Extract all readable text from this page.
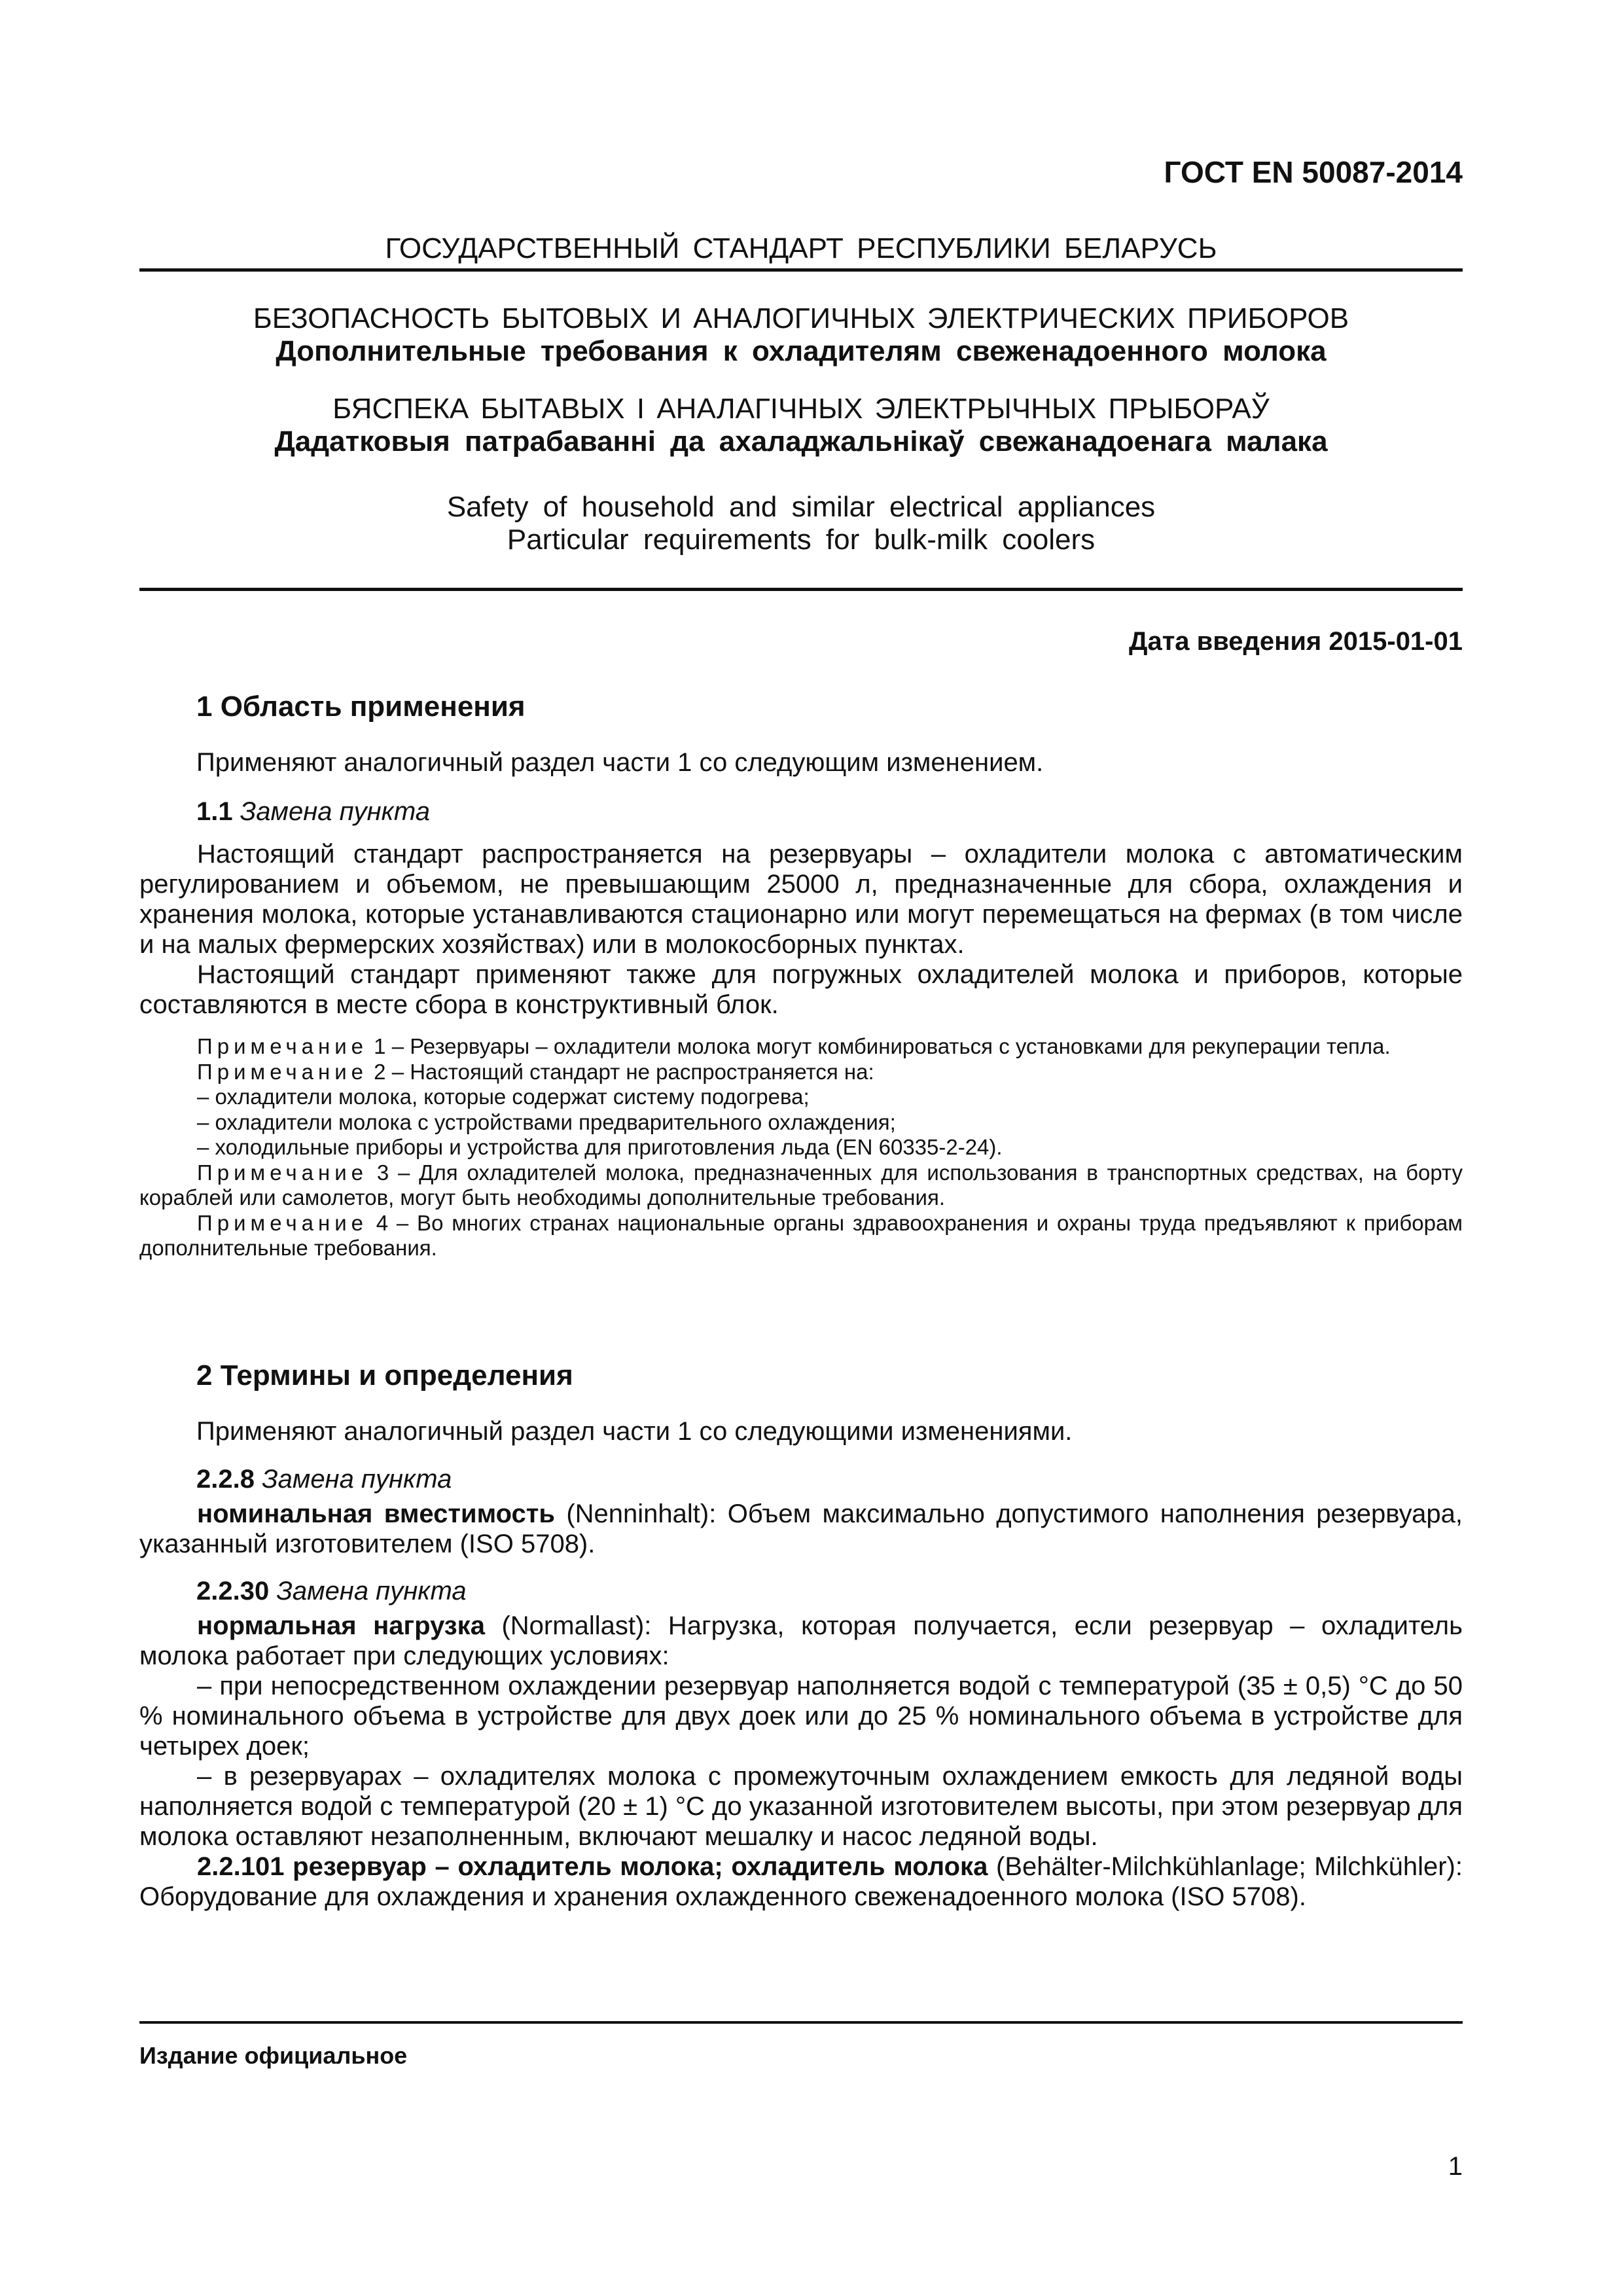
ГОСТ EN 50087-2014
ГОСУДАРСТВЕННЫЙ СТАНДАРТ РЕСПУБЛИКИ БЕЛАРУСЬ
БЕЗОПАСНОСТЬ БЫТОВЫХ И АНАЛОГИЧНЫХ ЭЛЕКТРИЧЕСКИХ ПРИБОРОВ
Дополнительные требования к охладителям свеженадоенного молока
БЯСПЕКА БЫТАВЫХ І АНАЛАГІЧНЫХ ЭЛЕКТРЫЧНЫХ ПРЫБОРАЎ
Дадатковыя патрабаванні да ахаладжальнікаў свежанадоенага малака
Safety of household and similar electrical appliances
Particular requirements for bulk-milk coolers
Дата введения 2015-01-01
1 Область применения
Применяют аналогичный раздел части 1 со следующим изменением.
1.1 Замена пункта

Настоящий стандарт распространяется на резервуары – охладители молока с автоматическим регулированием и объемом, не превышающим 25000 л, предназначенные для сбора, охлаждения и хранения молока, которые устанавливаются стационарно или могут перемещаться на фермах (в том числе и на малых фермерских хозяйствах) или в молокосборных пунктах.

Настоящий стандарт применяют также для погружных охладителей молока и приборов, которые составляются в месте сбора в конструктивный блок.

Примечание 1 – Резервуары – охладители молока могут комбинироваться с установками для рекуперации тепла.

Примечание 2 – Настоящий стандарт не распространяется на:

– охладители молока, которые содержат систему подогрева;

– охладители молока с устройствами предварительного охлаждения;

– холодильные приборы и устройства для приготовления льда (EN 60335-2-24).

Примечание 3 – Для охладителей молока, предназначенных для использования в транспортных средствах, на борту кораблей или самолетов, могут быть необходимы дополнительные требования.

Примечание 4 – Во многих странах национальные органы здравоохранения и охраны труда предъявляют к приборам дополнительные требования.

2 Термины и определения
Применяют аналогичный раздел части 1 со следующими изменениями.
2.2.8 Замена пункта

номинальная вместимость (Nenninhalt): Объем максимально допустимого наполнения резервуара, указанный изготовителем (ISO 5708).

2.2.30 Замена пункта

нормальная нагрузка (Normallast): Нагрузка, которая получается, если резервуар – охладитель молока работает при следующих условиях:

– при непосредственном охлаждении резервуар наполняется водой с температурой (35 ± 0,5) °С до 50 % номинального объема в устройстве для двух доек или до 25 % номинального объема в устройстве для четырех доек;

– в резервуарах – охладителях молока с промежуточным охлаждением емкость для ледяной воды наполняется водой с температурой (20 ± 1) °С до указанной изготовителем высоты, при этом резервуар для молока оставляют незаполненным, включают мешалку и насос ледяной воды.

2.2.101 резервуар – охладитель молока; охладитель молока (Behälter-Milchkühlanlage; Milchkühler): Оборудование для охлаждения и хранения охлажденного свеженадоенного молока (ISO 5708).

Издание официальное
1
